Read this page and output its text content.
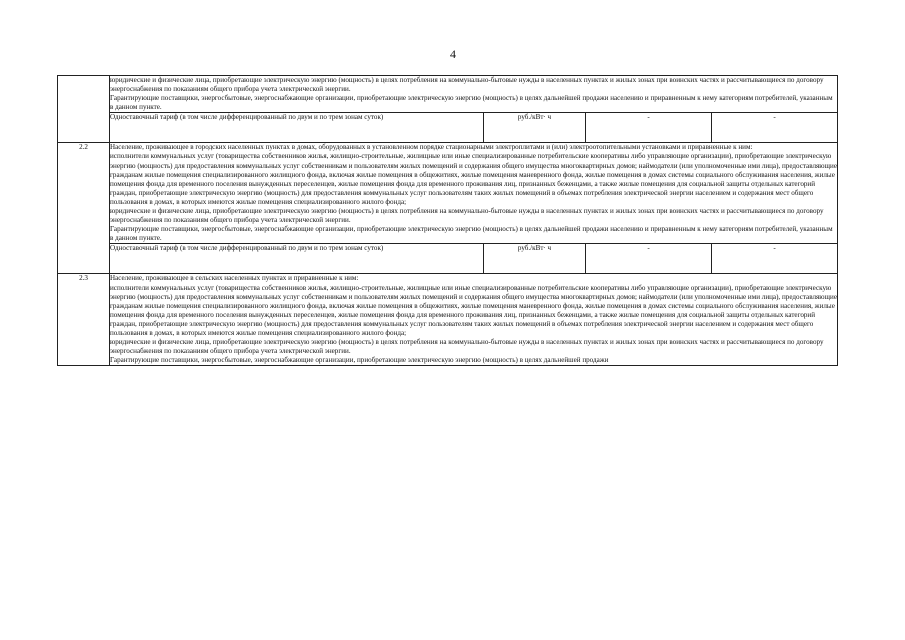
4

	юридические и физические лица, приобретающие электрическую энергию (мощность) в целях потребления на коммунально-бытовые нужды в населенных пунктах и жилых зонах при воинских частях и рассчитывающиеся по договору энергоснабжения по показаниям общего прибора учета электрической энергии.

Гарантирующие поставщики, энергосбытовые, энергоснабжающие организации, приобретающие электрическую энергию (мощность) в целях дальнейшей продажи населению и приравненным к нему категориям потребителей, указанным в данном пункте.			

	Одноставочный тариф (в том числе дифференцированный по двум и по трем зонам суток)	руб./кВт· ч	-	-
2.2	Население, проживающее в городских населенных пунктах в домах, оборудованных в установленном порядке стационарными электроплитами и (или) электроотопительными установками и приравненные к ним:

исполнители коммунальных услуг (товарищества собственников жилья, жилищно-строительные, жилищные или иные специализированные потребительские кооперативы либо управляющие организации), приобретающие электрическую энергию (мощность) для предоставления коммунальных услуг собственникам и пользователям жилых помещений и содержания общего имущества многоквартирных домов; наймодатели (или уполномоченные ими лица), предоставляющие гражданам жилые помещения специализированного жилищного фонда, включая жилые помещения в общежитиях, жилые помещения маневренного фонда, жилые помещения в домах системы социального обслуживания населения, жилые помещения фонда для временного поселения вынужденных переселенцев, жилые помещения фонда для временного проживания лиц, признанных беженцами, а также жилые помещения для социальной защиты отдельных категорий граждан, приобретающие электрическую энергию (мощность) для предоставления коммунальных услуг пользователям таких жилых помещений в объемах потребления электрической энергии населением и содержания мест общего пользования в домах, в которых имеются жилые помещения специализированного жилого фонда;

юридические и физические лица, приобретающие электрическую энергию (мощность) в целях потребления на коммунально-бытовые нужды в населенных пунктах и жилых зонах при воинских частях и рассчитывающиеся по договору энергоснабжения по показаниям общего прибора учета электрической энергии.

Гарантирующие поставщики, энергосбытовые, энергоснабжающие организации, приобретающие электрическую энергию (мощность) в целях дальнейшей продажи населению и приравненным к нему категориям потребителей, указанным в данном пункте.			

	Одноставочный тариф (в том числе дифференцированный по двум и по трем зонам суток)	руб./кВт· ч	-	-
2.3	Население, проживающее в сельских населенных пунктах и приравненные к ним:

исполнители коммунальных услуг (товарищества собственников жилья, жилищно-строительные, жилищные или иные специализированные потребительские кооперативы либо управляющие организации), приобретающие электрическую энергию (мощность) для предоставления коммунальных услуг собственникам и пользователям жилых помещений и содержания общего имущества многоквартирных домов; наймодатели (или уполномоченные ими лица), предоставляющие гражданам жилые помещения специализированного жилищного фонда, включая жилые помещения в общежитиях, жилые помещения маневренного фонда, жилые помещения в домах системы социального обслуживания населения, жилые помещения фонда для временного поселения вынужденных переселенцев, жилые помещения фонда для временного проживания лиц, признанных беженцами, а также жилые помещения для социальной защиты отдельных категорий граждан, приобретающие электрическую энергию (мощность) для предоставления коммунальных услуг пользователям таких жилых помещений в объемах потребления электрической энергии населением и содержания мест общего пользования в домах, в которых имеются жилые помещения специализированного жилого фонда;

юридические и физические лица, приобретающие электрическую энергию (мощность) в целях потребления на коммунально-бытовые нужды в населенных пунктах и жилых зонах при воинских частях и рассчитывающиеся по договору энергоснабжения по показаниям общего прибора учета электрической энергии.

Гарантирующие поставщики, энергосбытовые, энергоснабжающие организации, приобретающие электрическую энергию (мощность) в целях дальнейшей продажи			
